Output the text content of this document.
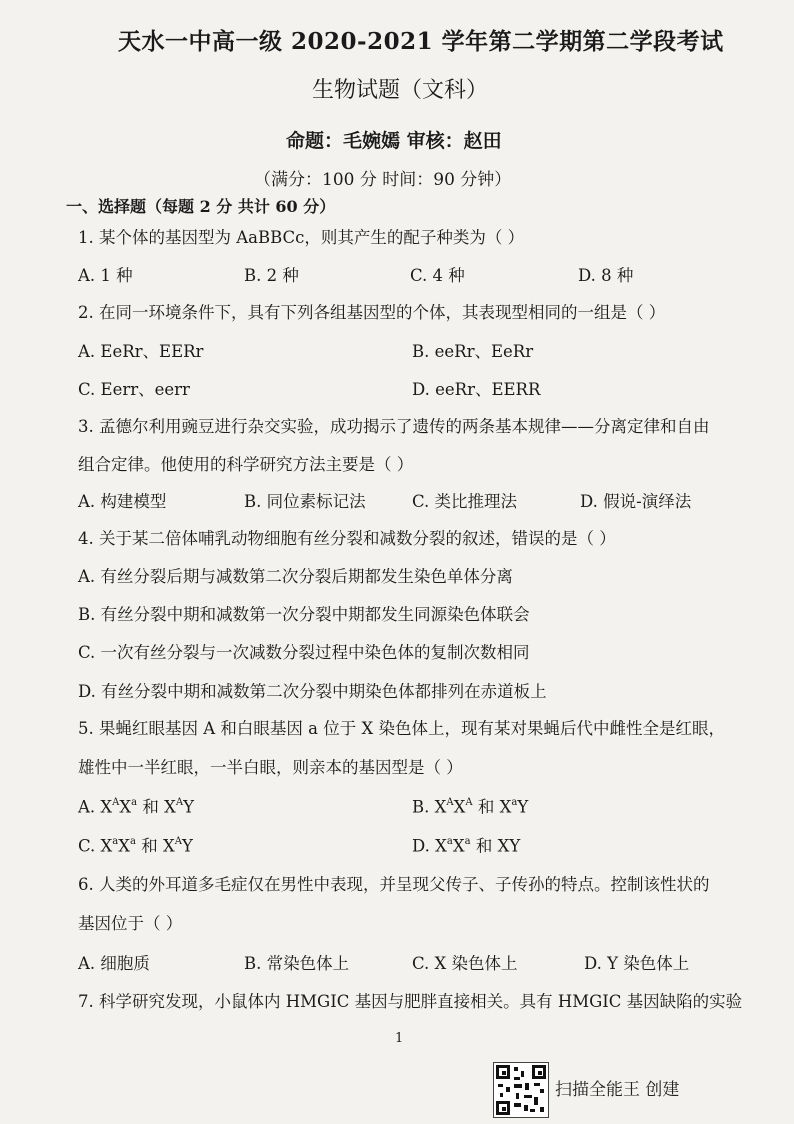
天水一中高一级 2020-2021 学年第二学期第二学段考试
生物试题（文科）
命题：毛婉嫣 审核：赵田
（满分：100 分 时间：90 分钟）
一、选择题（每题 2 分 共计 60 分）
1. 某个体的基因型为 AaBBCc，则其产生的配子种类为（ ）
A. 1 种	B. 2 种	C. 4 种	D. 8 种
2. 在同一环境条件下，具有下列各组基因型的个体，其表现型相同的一组是（ ）
A. EeRr、EERr	B. eeRr、EeRr
C. Eerr、eerr	D. eeRr、EERR
3. 孟德尔利用豌豆进行杂交实验，成功揭示了遗传的两条基本规律——分离定律和自由
组合定律。他使用的科学研究方法主要是（ ）
A. 构建模型	B. 同位素标记法	C. 类比推理法	D. 假说-演绎法
4. 关于某二倍体哺乳动物细胞有丝分裂和减数分裂的叙述，错误的是（ ）
A. 有丝分裂后期与减数第二次分裂后期都发生染色单体分离
B. 有丝分裂中期和减数第一次分裂中期都发生同源染色体联会
C. 一次有丝分裂与一次减数分裂过程中染色体的复制次数相同
D. 有丝分裂中期和减数第二次分裂中期染色体都排列在赤道板上
5. 果蝇红眼基因 A 和白眼基因 a 位于 X 染色体上，现有某对果蝇后代中雌性全是红眼，
雄性中一半红眼，一半白眼，则亲本的基因型是（ ）
A. $X^AX^a$ 和 $X^AY$	B. $X^AX^A$ 和 $X^aY$
C. $X^aX^a$ 和 $X^AY$	D. $X^aX^a$ 和 XY
6. 人类的外耳道多毛症仅在男性中表现，并呈现父传子、子传孙的特点。控制该性状的
基因位于（ ）
A. 细胞质	B. 常染色体上	C. X 染色体上	D. Y 染色体上
7. 科学研究发现，小鼠体内 HMGIC 基因与肥胖直接相关。具有 HMGIC 基因缺陷的实验
1
扫描全能王 创建
